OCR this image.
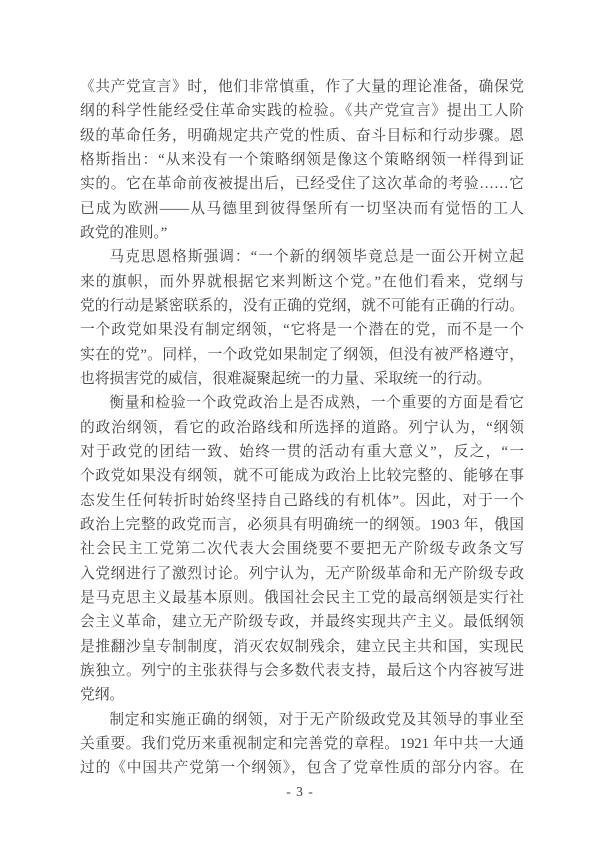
《共产党宣言》时，他们非常慎重，作了大量的理论准备，确保党
纲的科学性能经受住革命实践的检验。《共产党宣言》提出工人阶
级的革命任务，明确规定共产党的性质、奋斗目标和行动步骤。恩
格斯指出：“从来没有一个策略纲领是像这个策略纲领一样得到证
实的。它在革命前夜被提出后，已经受住了这次革命的考验……它
已成为欧洲——从马德里到彼得堡所有一切坚决而有觉悟的工人
政党的准则。”
马克思恩格斯强调：“一个新的纲领毕竟总是一面公开树立起
来的旗帜，而外界就根据它来判断这个党。”在他们看来，党纲与
党的行动是紧密联系的，没有正确的党纲，就不可能有正确的行动。
一个政党如果没有制定纲领，“它将是一个潜在的党，而不是一个
实在的党”。同样，一个政党如果制定了纲领，但没有被严格遵守，
也将损害党的威信，很难凝聚起统一的力量、采取统一的行动。
衡量和检验一个政党政治上是否成熟，一个重要的方面是看它
的政治纲领，看它的政治路线和所选择的道路。列宁认为，“纲领
对于政党的团结一致、始终一贯的活动有重大意义”，反之，“一
个政党如果没有纲领，就不可能成为政治上比较完整的、能够在事
态发生任何转折时始终坚持自己路线的有机体”。因此，对于一个
政治上完整的政党而言，必须具有明确统一的纲领。1903 年，俄国
社会民主工党第二次代表大会围绕要不要把无产阶级专政条文写
入党纲进行了激烈讨论。列宁认为，无产阶级革命和无产阶级专政
是马克思主义最基本原则。俄国社会民主工党的最高纲领是实行社
会主义革命，建立无产阶级专政，并最终实现共产主义。最低纲领
是推翻沙皇专制制度，消灭农奴制残余，建立民主共和国，实现民
族独立。列宁的主张获得与会多数代表支持，最后这个内容被写进
党纲。
制定和实施正确的纲领，对于无产阶级政党及其领导的事业至
关重要。我们党历来重视制定和完善党的章程。1921 年中共一大通
过的《中国共产党第一个纲领》，包含了党章性质的部分内容。在
- 3 -
